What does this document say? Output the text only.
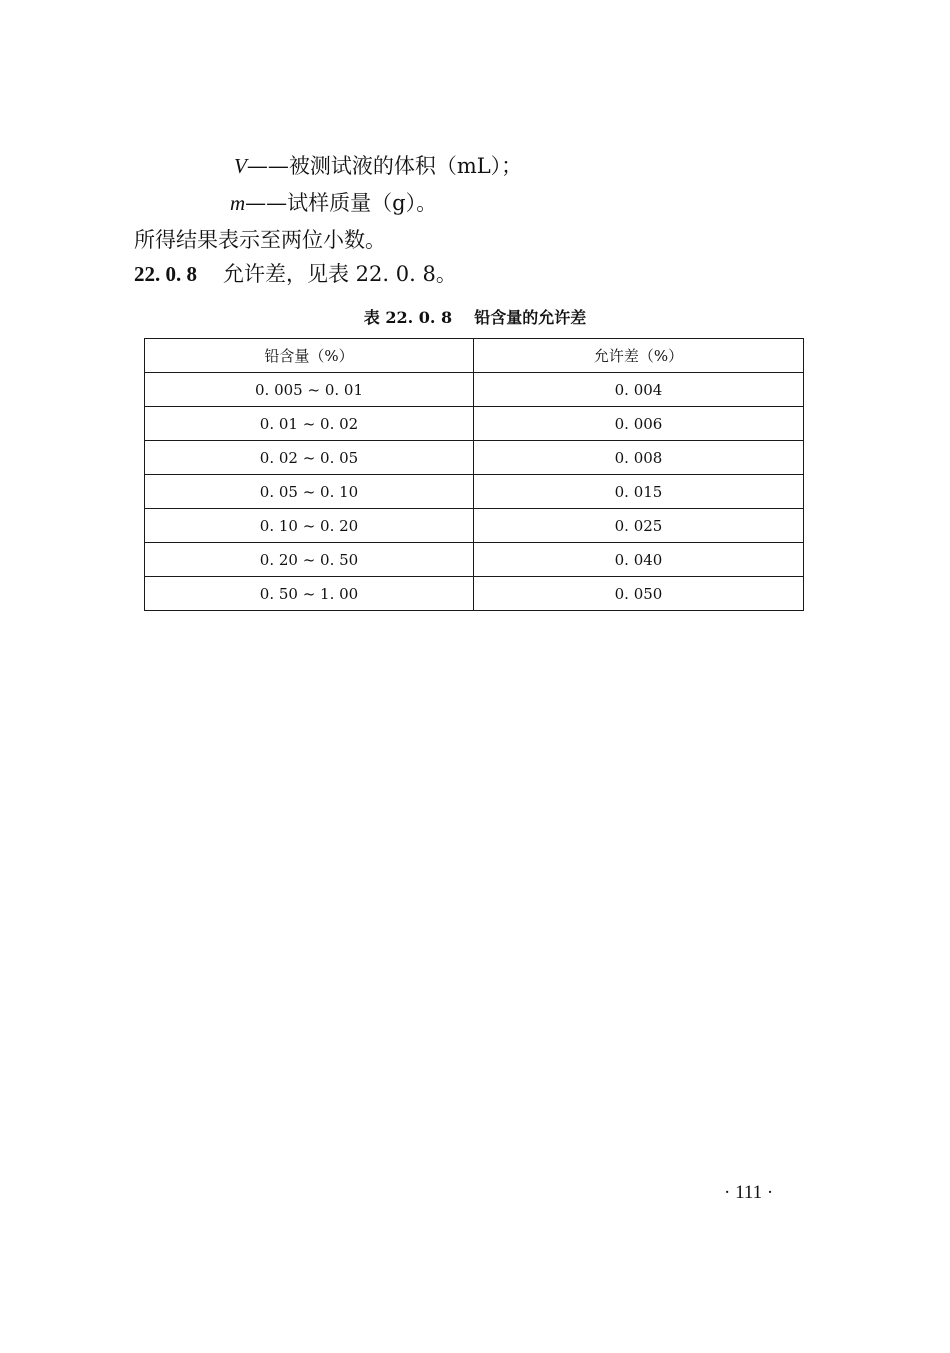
V——被测试液的体积（mL）；
m——试样质量（g）。
所得结果表示至两位小数。
22. 0. 8 允许差，见表 22. 0. 8。
表 22. 0. 8 铅含量的允许差
铅含量（%）	允许差（%）
0. 005 ~ 0. 01	0. 004
0. 01 ~ 0. 02	0. 006
0. 02 ~ 0. 05	0. 008
0. 05 ~ 0. 10	0. 015
0. 10 ~ 0. 20	0. 025
0. 20 ~ 0. 50	0. 040
0. 50 ~ 1. 00	0. 050
· 111 ·
